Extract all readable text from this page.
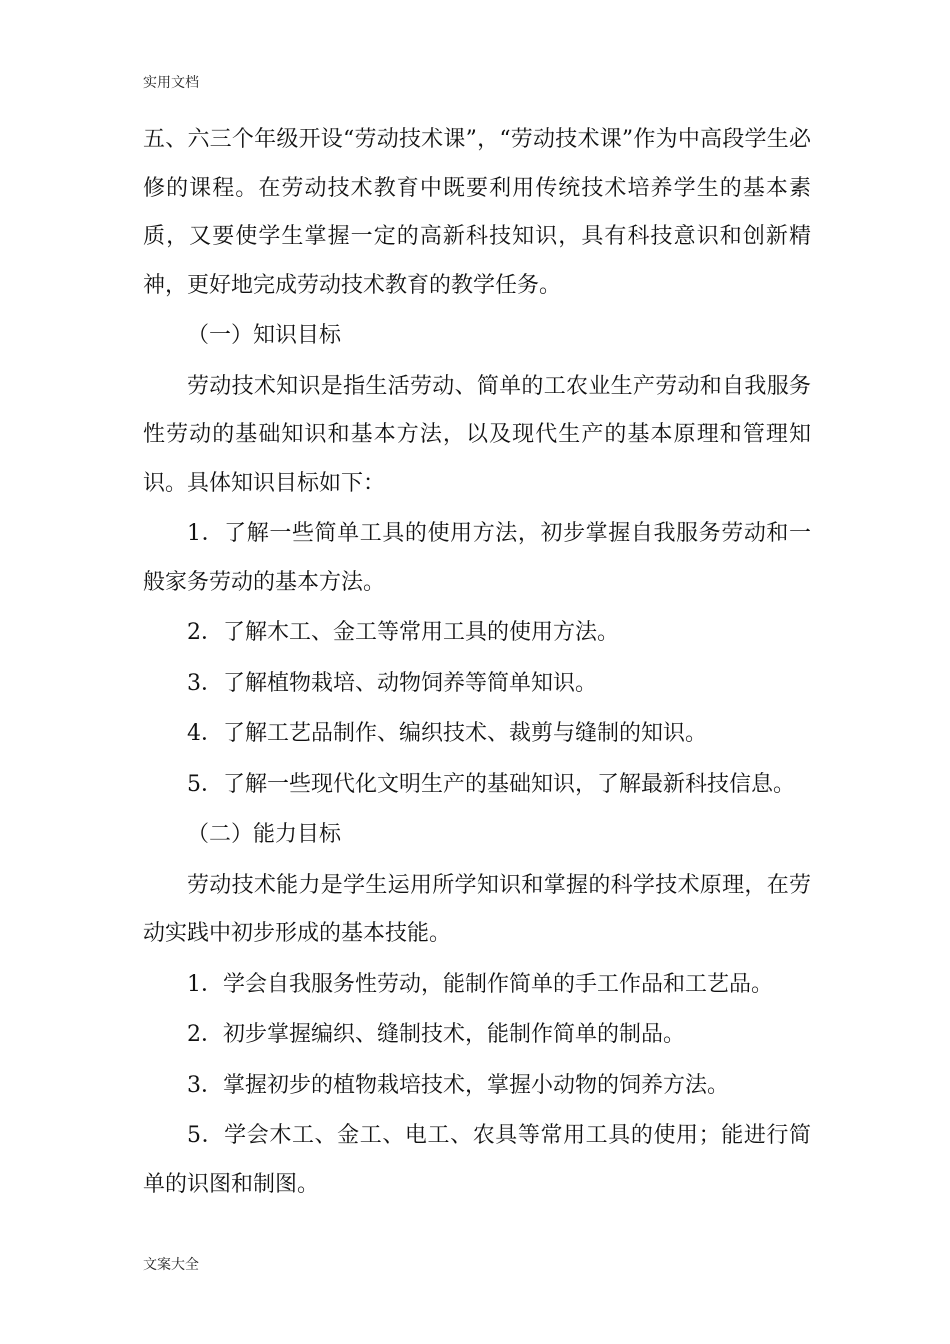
实用文档

五、六三个年级开设“劳动技术课”，“劳动技术课”作为中高段学生必修的课程。在劳动技术教育中既要利用传统技术培养学生的基本素质，又要使学生掌握一定的高新科技知识，具有科技意识和创新精神，更好地完成劳动技术教育的教学任务。

（一）知识目标

劳动技术知识是指生活劳动、简单的工农业生产劳动和自我服务性劳动的基础知识和基本方法，以及现代生产的基本原理和管理知识。具体知识目标如下：

1．了解一些简单工具的使用方法，初步掌握自我服务劳动和一般家务劳动的基本方法。

2．了解木工、金工等常用工具的使用方法。

3．了解植物栽培、动物饲养等简单知识。

4．了解工艺品制作、编织技术、裁剪与缝制的知识。

5．了解一些现代化文明生产的基础知识，了解最新科技信息。

（二）能力目标

劳动技术能力是学生运用所学知识和掌握的科学技术原理，在劳动实践中初步形成的基本技能。

1．学会自我服务性劳动，能制作简单的手工作品和工艺品。

2．初步掌握编织、缝制技术，能制作简单的制品。

3．掌握初步的植物栽培技术，掌握小动物的饲养方法。

5．学会木工、金工、电工、农具等常用工具的使用；能进行简单的识图和制图。

文案大全
